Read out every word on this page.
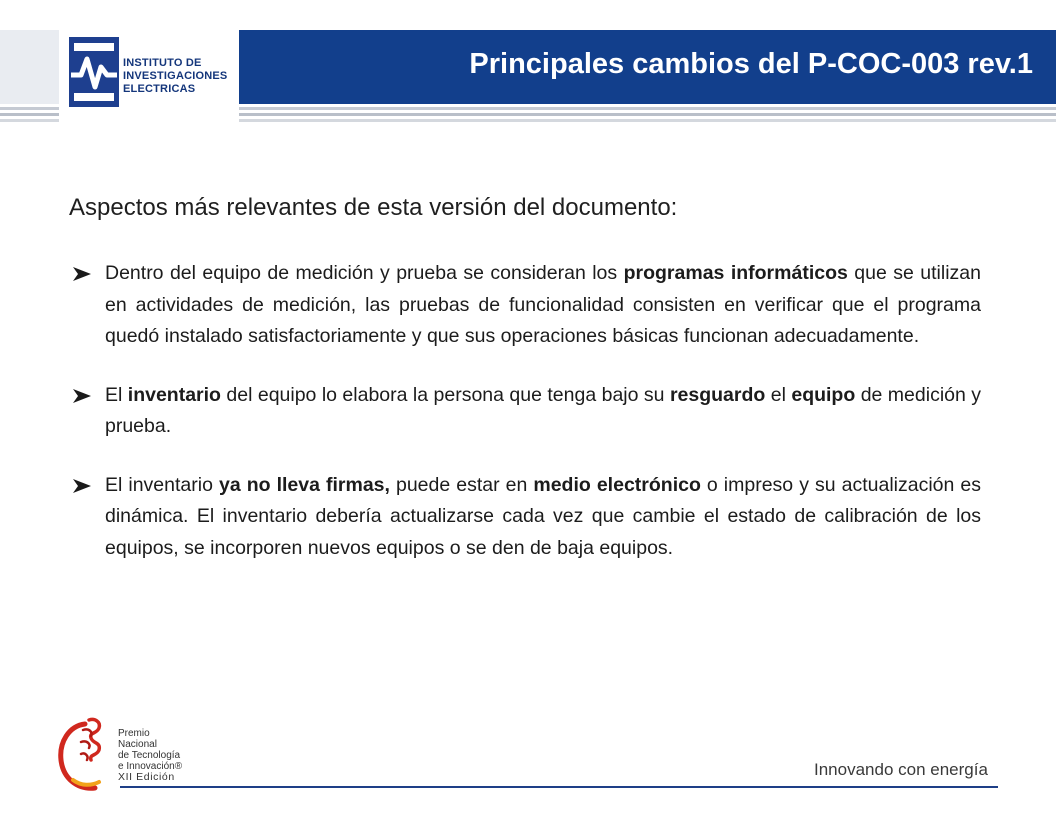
INSTITUTO DE
INVESTIGACIONES
ELECTRICAS
Principales cambios del P-COC-003 rev.1
Aspectos más relevantes de esta versión del documento:
Dentro del equipo de medición y prueba se consideran los programas informáticos que se utilizan en actividades de medición, las pruebas de funcionalidad consisten en verificar que el programa quedó instalado satisfactoriamente y que sus operaciones básicas funcionan adecuadamente.
El inventario del equipo lo elabora la persona que tenga bajo su resguardo el equipo de medición y prueba.
El inventario ya no lleva firmas, puede estar en medio electrónico o impreso y su actualización es dinámica. El inventario debería actualizarse cada vez que cambie el estado de calibración de los equipos, se incorporen nuevos equipos o se den de baja equipos.
Premio
Nacional
de Tecnología
e Innovación®
XII Edición	Innovando con energía
